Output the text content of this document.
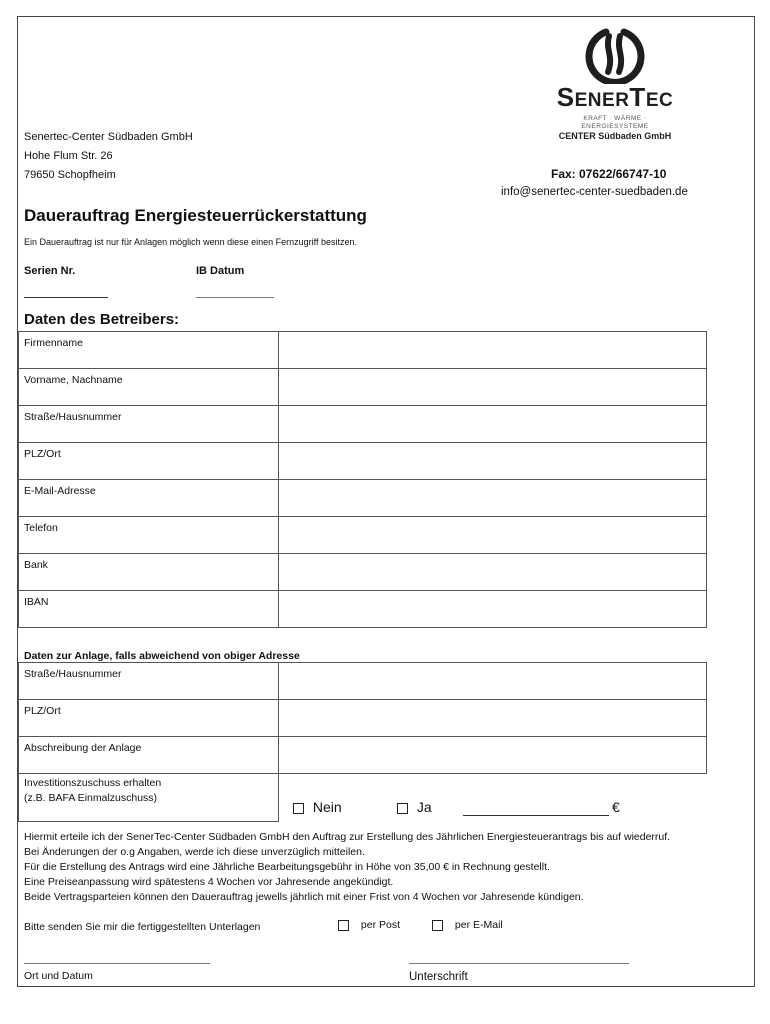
SENERTEC
KRAFT · WÄRME · ENERGIESYSTEME
CENTER Südbaden GmbH
Senertec-Center Südbaden GmbH
Hohe Flum Str. 26
79650 Schopfheim	Fax: 07622/66747-10
info@senertec-center-suedbaden.de
Dauerauftrag Energiesteuerrückerstattung
Ein Dauerauftrag ist nur für Anlagen möglich wenn diese einen Fernzugriff besitzen.
Serien Nr.	IB Datum
Daten des Betreibers:
Firmenname	
Vorname, Nachname	
Straße/Hausnummer	
PLZ/Ort	
E-Mail-Adresse	
Telefon	
Bank	
IBAN	
Daten zur Anlage, falls abweichend von obiger Adresse
Straße/Hausnummer	
PLZ/Ort	
Abschreibung der Anlage	

Investitionszuschuss erhalten
(z.B. BAFA Einmalzuschuss)	

Nein	Ja	€
Hiermit erteile ich der SenerTec-Center Südbaden GmbH den Auftrag zur Erstellung des Jährlichen Energiesteuerantrags bis auf wiederruf.
Bei Änderungen der o.g Angaben, werde ich diese unverzüglich mitteilen.
Für die Erstellung des Antrags wird eine Jährliche Bearbeitungsgebühr in Höhe von 35,00 € in Rechnung gestellt.
Eine Preiseanpassung wird spätestens 4 Wochen vor Jahresende angekündigt.
Beide Vertragsparteien können den Dauerauftrag jewells jährlich mit einer Frist von 4 Wochen vor Jahresende kündigen.
Bitte senden Sie mir die fertiggestellten Unterlagen	per Post	per E-Mail
Ort und Datum	Unterschrift
